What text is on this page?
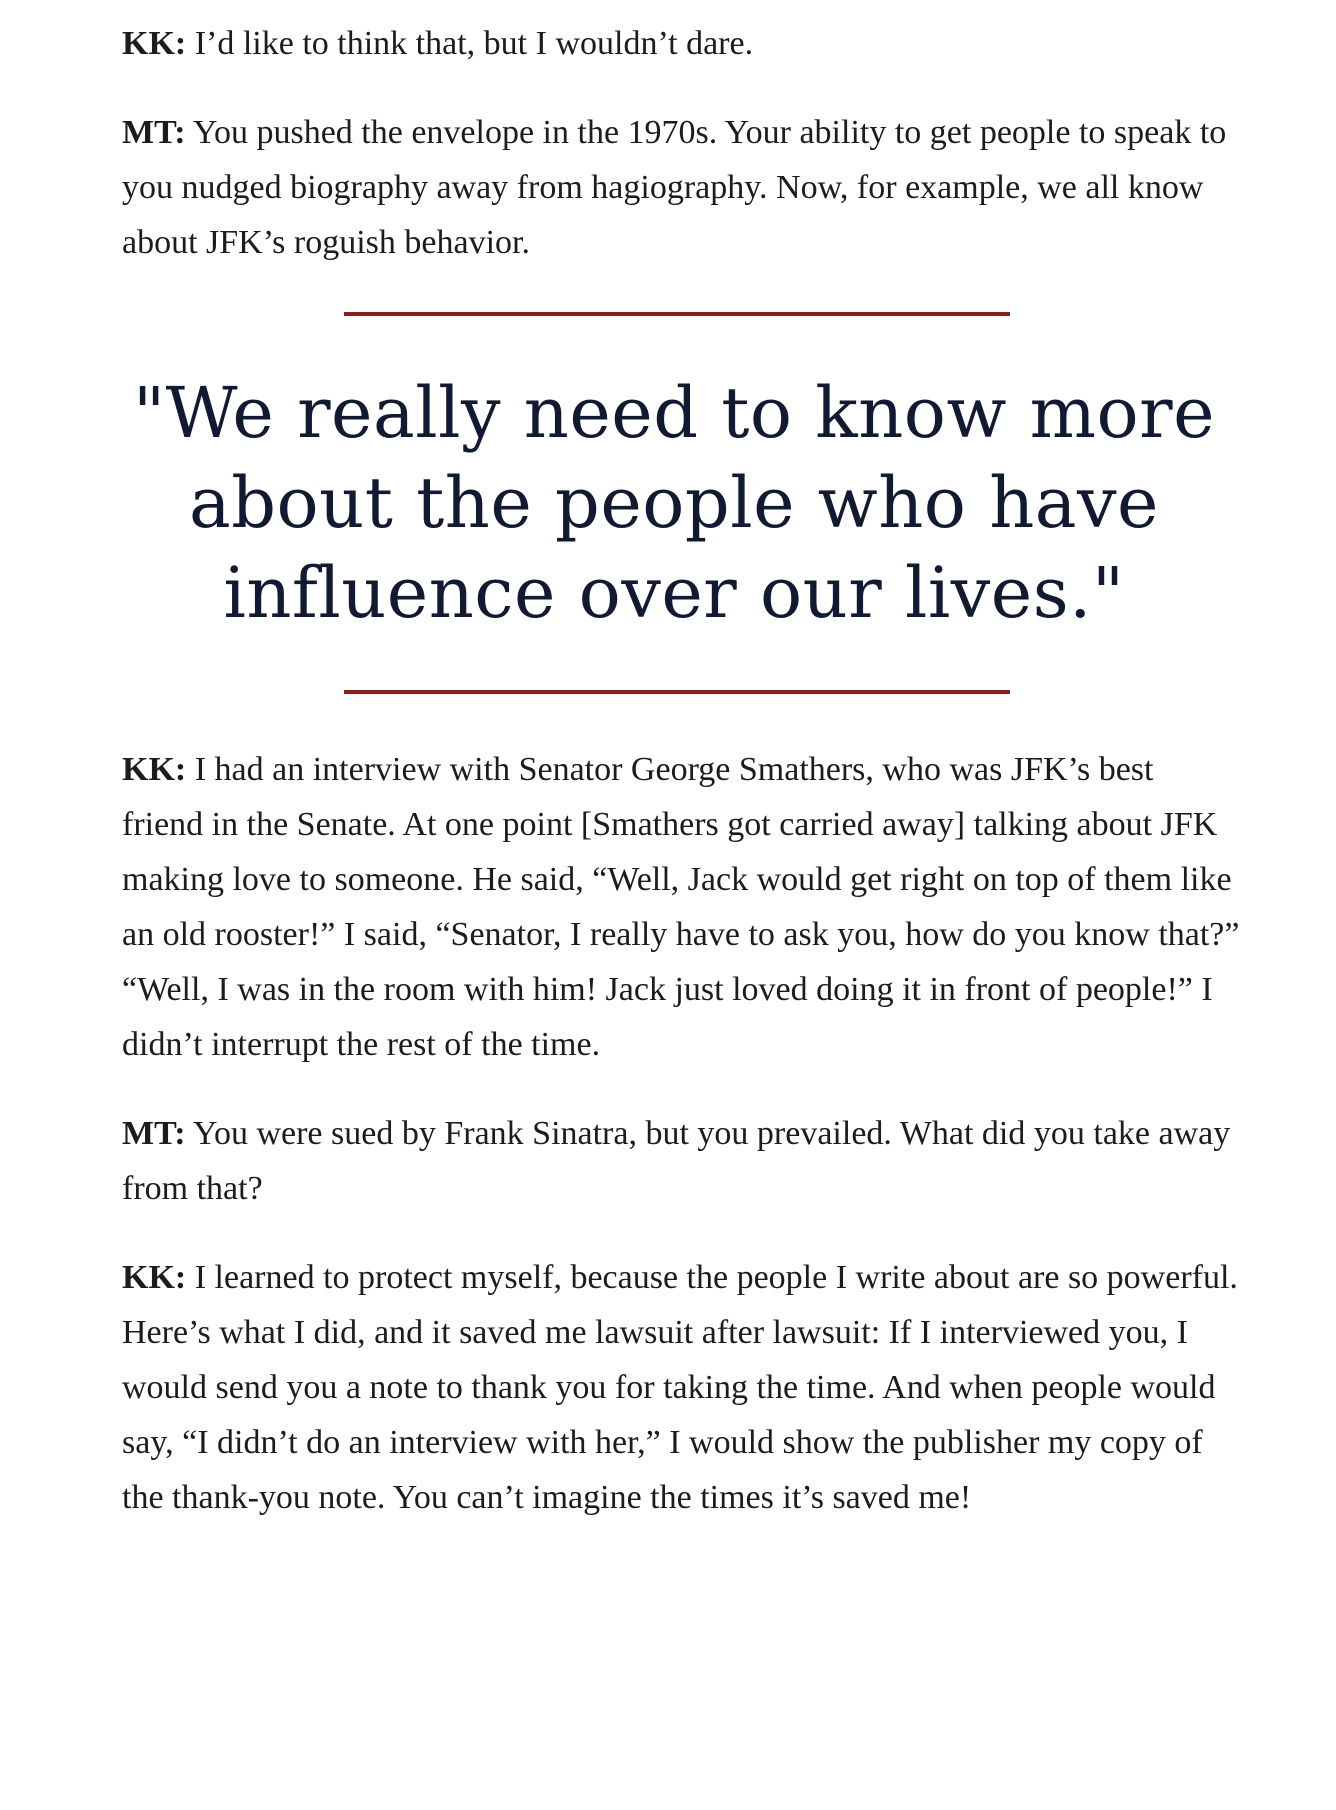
KK: I’d like to think that, but I wouldn’t dare.

MT: You pushed the envelope in the 1970s. Your ability to get people to speak to you nudged biography away from hagiography. Now, for example, we all know about JFK’s roguish behavior.

"We really need to know more about the people who have influence over our lives."

KK: I had an interview with Senator George Smathers, who was JFK’s best friend in the Senate. At one point [Smathers got carried away] talking about JFK making love to someone. He said, “Well, Jack would get right on top of them like an old rooster!” I said, “Senator, I really have to ask you, how do you know that?” “Well, I was in the room with him! Jack just loved doing it in front of people!” I didn’t interrupt the rest of the time.

MT: You were sued by Frank Sinatra, but you prevailed. What did you take away from that?

KK: I learned to protect myself, because the people I write about are so powerful. Here’s what I did, and it saved me lawsuit after lawsuit: If I interviewed you, I would send you a note to thank you for taking the time. And when people would say, “I didn’t do an interview with her,” I would show the publisher my copy of the thank-you note. You can’t imagine the times it’s saved me!
